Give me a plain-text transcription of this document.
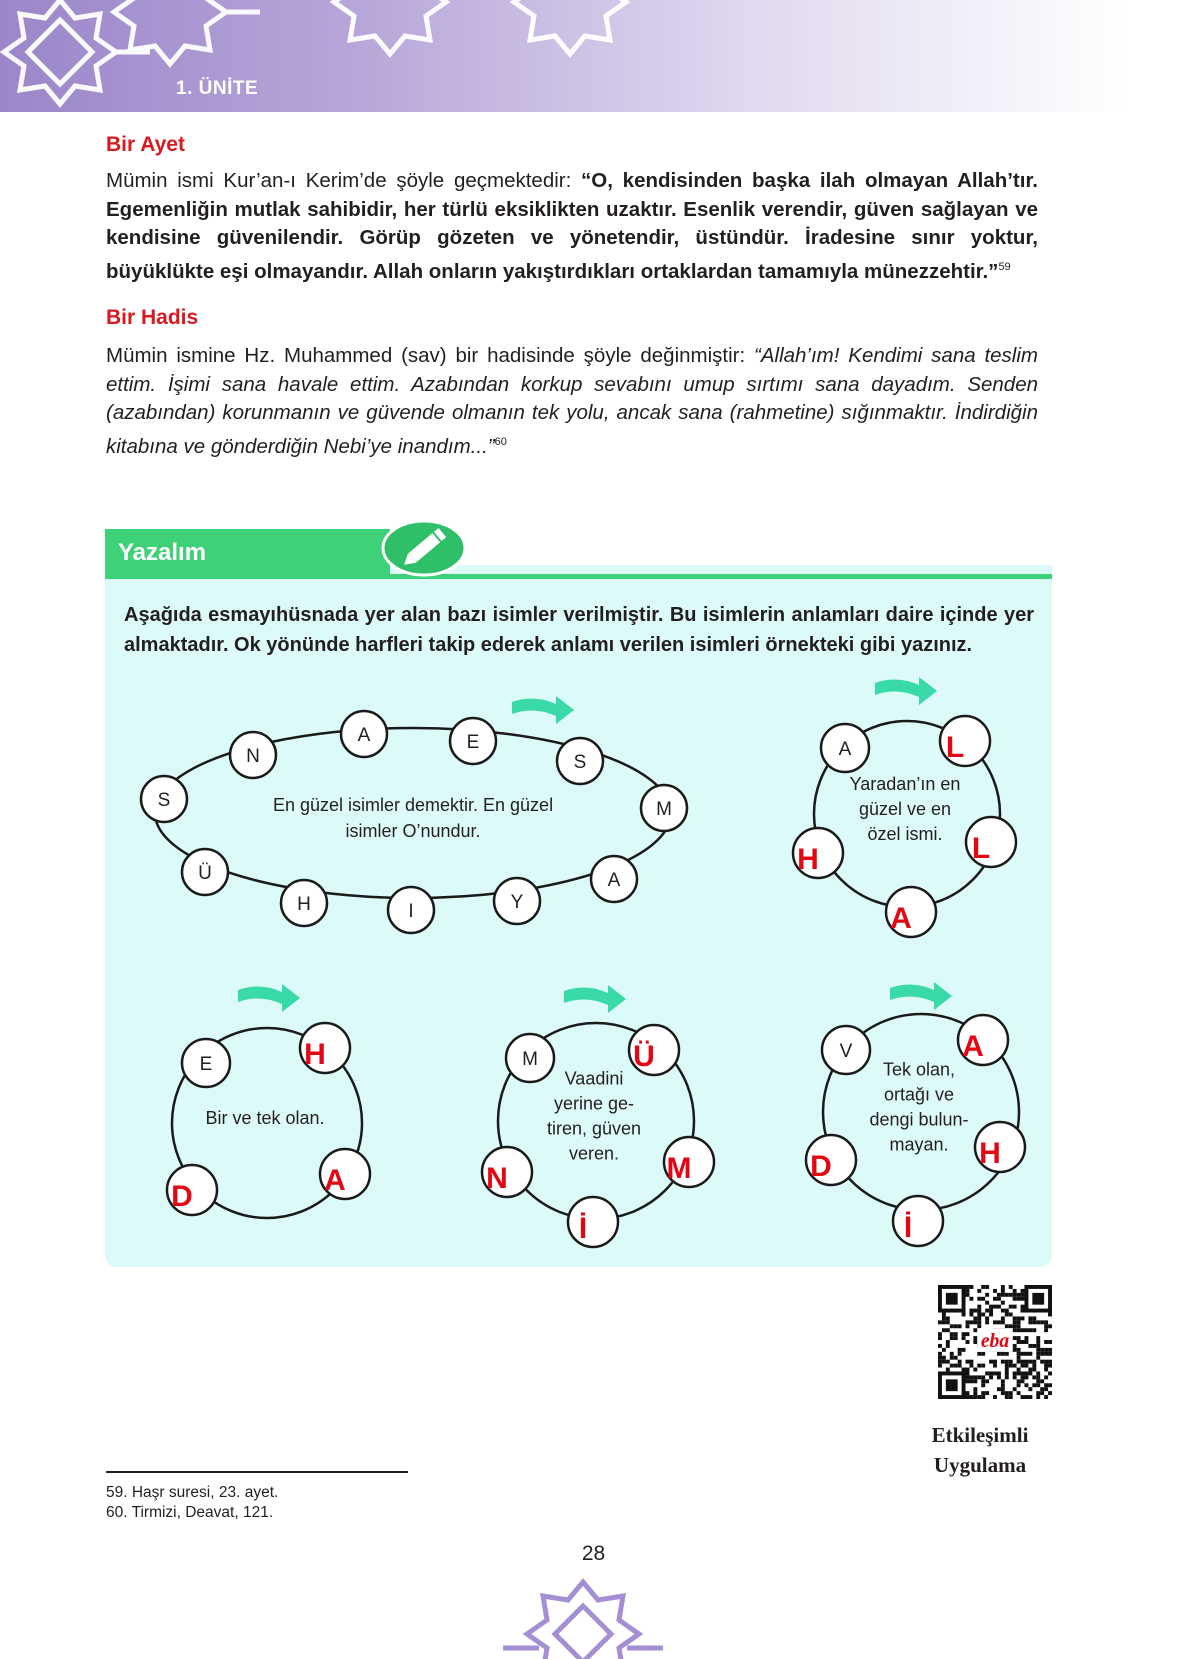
1. ÜNİTE
Bir Ayet
Mümin ismi Kur’an-ı Kerim’de şöyle geçmektedir: “O, kendisinden başka ilah olmayan Allah’tır. Egemenliğin mutlak sahibidir, her türlü eksiklikten uzaktır. Esenlik verendir, güven sağlayan ve kendisine güvenilendir. Görüp gözeten ve yönetendir, üstündür. İradesine sınır yoktur, büyüklükte eşi olmayandır. Allah onların yakıştırdıkları ortaklardan tamamıyla münezzehtir.”$^{59}$
Bir Hadis
Mümin ismine Hz. Muhammed (sav) bir hadisinde şöyle değinmiştir: “Allah’ım! Kendimi sana teslim ettim. İşimi sana havale ettim. Azabından korkup sevabını umup sırtımı sana dayadım. Senden (azabından) korunmanın ve güvende olmanın tek yolu, ancak sana (rahmetine) sığınmaktır. İndirdiğin kitabına ve gönderdiğin Nebi’ye inandım...”$^{60}$
Yazalım
Aşağıda esmayıhüsnada yer alan bazı isimler verilmiştir. Bu isimlerin anlamları daire içinde yer almaktadır. Ok yönünde harfleri takip ederek anlamı verilen isimleri örnekteki gibi yazınız.
En güzel isimler demektir. En güzel
isimler O’nundur.
Yaradan’ın en
güzel ve en
özel ismi.
Bir ve tek olan.
Vaadini
yerine ge-
tiren, güven
veren.
Tek olan,
ortağı ve
dengi bulun-
mayan.
E
S
M
A
Y
I
H
Ü
S
N
A
A	L
L
A
H
E	H
A
D
M	Ü
M
İ
N
V	A
H
İ
D
eba
Etkileşimli
Uygulama
59. Haşr suresi, 23. ayet.
60. Tirmizi, Deavat, 121.
28
